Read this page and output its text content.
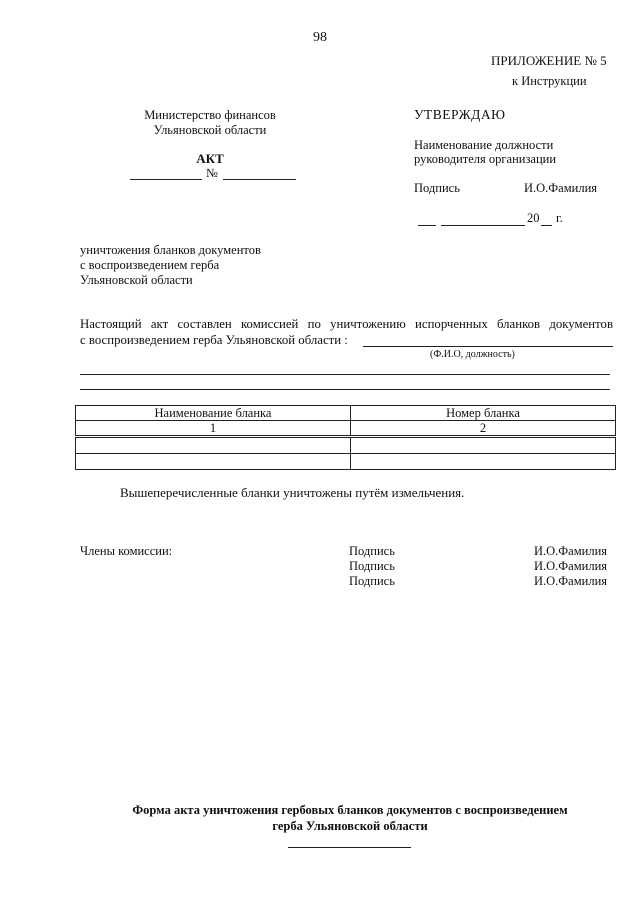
98
ПРИЛОЖЕНИЕ № 5
к Инструкции
Министерство финансов
Ульяновской области
АКТ
№
УТВЕРЖДАЮ
Наименование должности
руководителя организации
Подпись	И.О.Фамилия
20 г.
уничтожения бланков документов
с воспроизведением герба
Ульяновской области
Настоящий акт составлен комиссией по уничтожению испорченных бланков документов
с воспроизведением герба Ульяновской области :
(Ф.И.О, должность)
Наименование бланка	Номер бланка
1	2

Вышеперечисленные бланки уничтожены путём измельчения.
Члены комиссии:	Подпись	И.О.Фамилия
Подпись	И.О.Фамилия
Подпись	И.О.Фамилия
Форма акта уничтожения гербовых бланков документов с воспроизведением
герба Ульяновской области
